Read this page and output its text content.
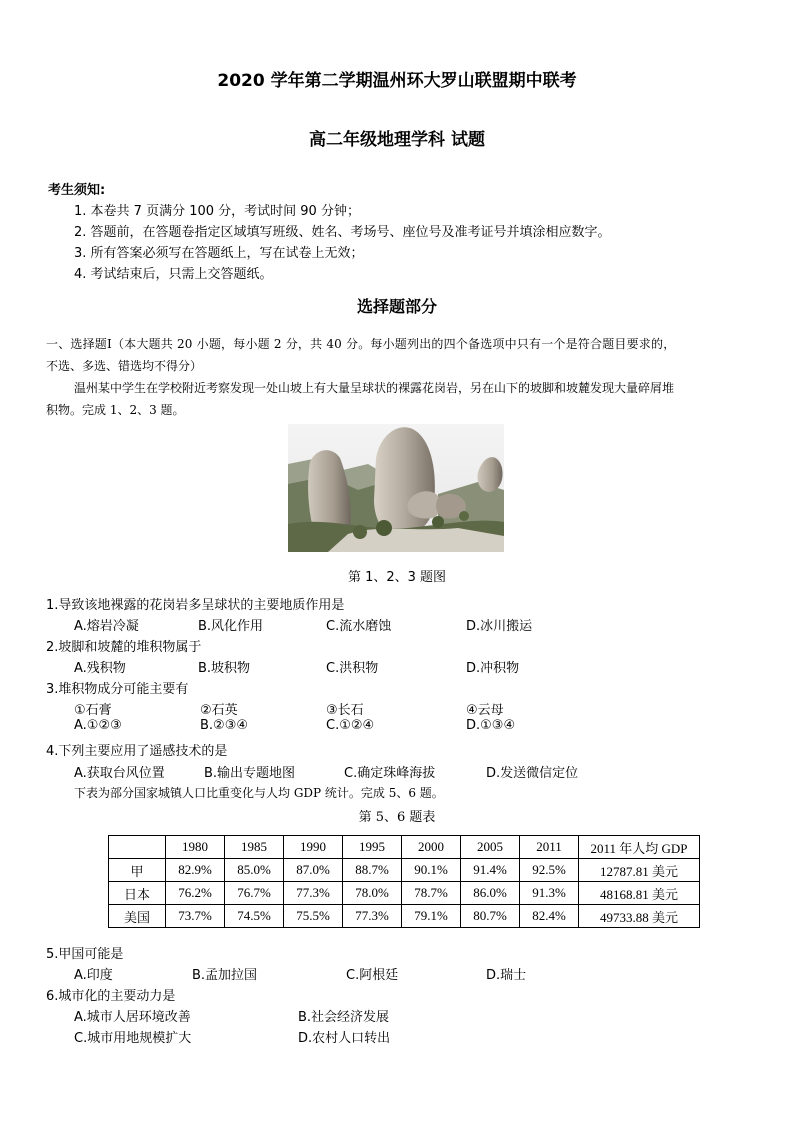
2020 学年第二学期温州环大罗山联盟期中联考
高二年级地理学科 试题
考生须知:
1. 本卷共 7 页满分 100 分，考试时间 90 分钟；
2. 答题前，在答题卷指定区域填写班级、姓名、考场号、座位号及准考证号并填涂相应数字。
3. 所有答案必须写在答题纸上，写在试卷上无效；
4. 考试结束后，只需上交答题纸。
选择题部分
一、选择题Ⅰ（本大题共 20 小题，每小题 2 分，共 40 分。每小题列出的四个备选项中只有一个是符合题目要求的，
不选、多选、错选均不得分）
温州某中学生在学校附近考察发现一处山坡上有大量呈球状的裸露花岗岩，另在山下的坡脚和坡麓发现大量碎屑堆
积物。完成 1、2、3 题。
第 1、2、3 题图
1.导致该地裸露的花岗岩多呈球状的主要地质作用是
A.熔岩冷凝	B.风化作用	C.流水磨蚀	D.冰川搬运
2.坡脚和坡麓的堆积物属于
A.残积物	B.坡积物	C.洪积物	D.冲积物
3.堆积物成分可能主要有
①石膏	②石英	③长石	④云母
A.①②③	B.②③④	C.①②④	D.①③④
4.下列主要应用了遥感技术的是
A.获取台风位置	B.输出专题地图	C.确定珠峰海拔	D.发送微信定位
下表为部分国家城镇人口比重变化与人均 GDP 统计。完成 5、6 题。
第 5、6 题表
	1980	1985	1990	1995	2000	2005	2011	2011 年人均 GDP
甲	82.9%	85.0%	87.0%	88.7%	90.1%	91.4%	92.5%	12787.81 美元
日本	76.2%	76.7%	77.3%	78.0%	78.7%	86.0%	91.3%	48168.81 美元
美国	73.7%	74.5%	75.5%	77.3%	79.1%	80.7%	82.4%	49733.88 美元
5.甲国可能是
A.印度	B.孟加拉国	C.阿根廷	D.瑞士
6.城市化的主要动力是
A.城市人居环境改善	B.社会经济发展
C.城市用地规模扩大	D.农村人口转出
